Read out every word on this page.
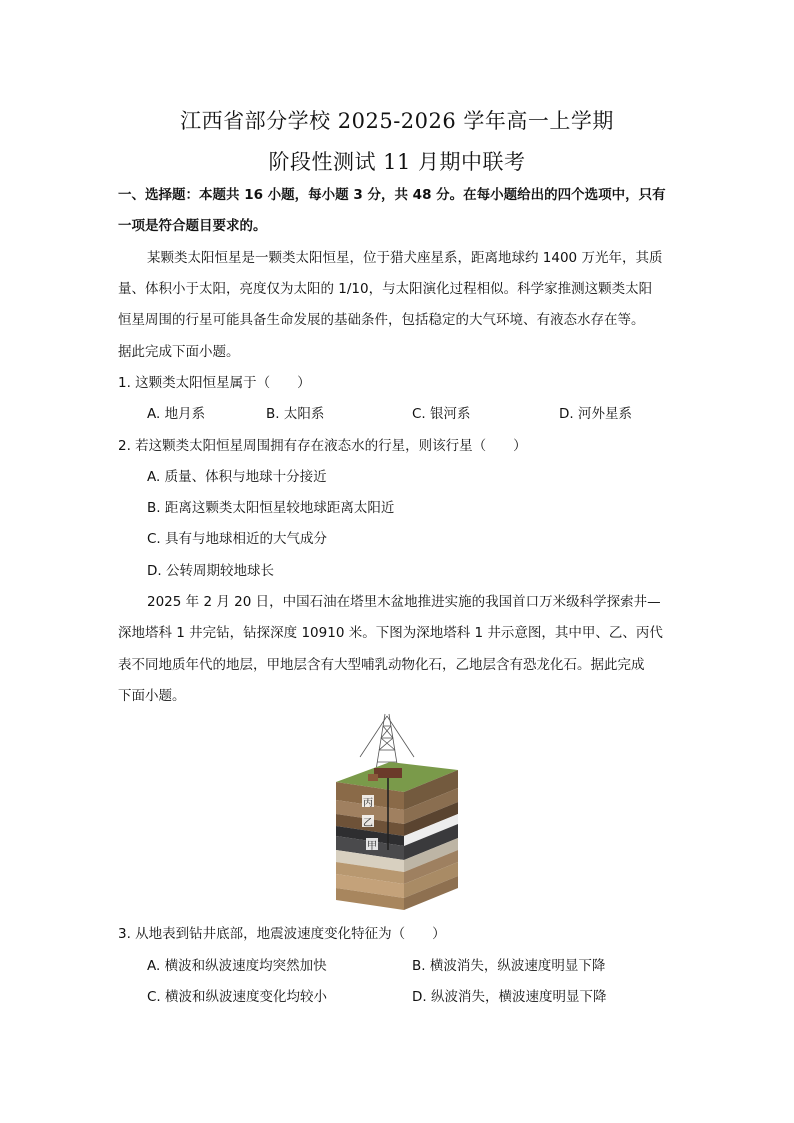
江西省部分学校 2025-2026 学年高一上学期
阶段性测试 11 月期中联考
一、选择题：本题共 16 小题，每小题 3 分，共 48 分。在每小题给出的四个选项中，只有
一项是符合题目要求的。
某颗类太阳恒星是一颗类太阳恒星，位于猎犬座星系，距离地球约 1400 万光年，其质
量、体积小于太阳，亮度仅为太阳的 1/10，与太阳演化过程相似。科学家推测这颗类太阳
恒星周围的行星可能具备生命发展的基础条件，包括稳定的大气环境、有液态水存在等。
据此完成下面小题。
1. 这颗类太阳恒星属于（　　）
A. 地月系	B. 太阳系	C. 银河系	D. 河外星系
2. 若这颗类太阳恒星周围拥有存在液态水的行星，则该行星（　　）
A. 质量、体积与地球十分接近
B. 距离这颗类太阳恒星较地球距离太阳近
C. 具有与地球相近的大气成分
D. 公转周期较地球长
2025 年 2 月 20 日，中国石油在塔里木盆地推进实施的我国首口万米级科学探索井—
深地塔科 1 井完钻，钻探深度 10910 米。下图为深地塔科 1 井示意图，其中甲、乙、丙代
表不同地质年代的地层，甲地层含有大型哺乳动物化石，乙地层含有恐龙化石。据此完成
下面小题。
丙
乙
甲
3. 从地表到钻井底部，地震波速度变化特征为（　　）
A. 横波和纵波速度均突然加快	B. 横波消失，纵波速度明显下降
C. 横波和纵波速度变化均较小	D. 纵波消失，横波速度明显下降
